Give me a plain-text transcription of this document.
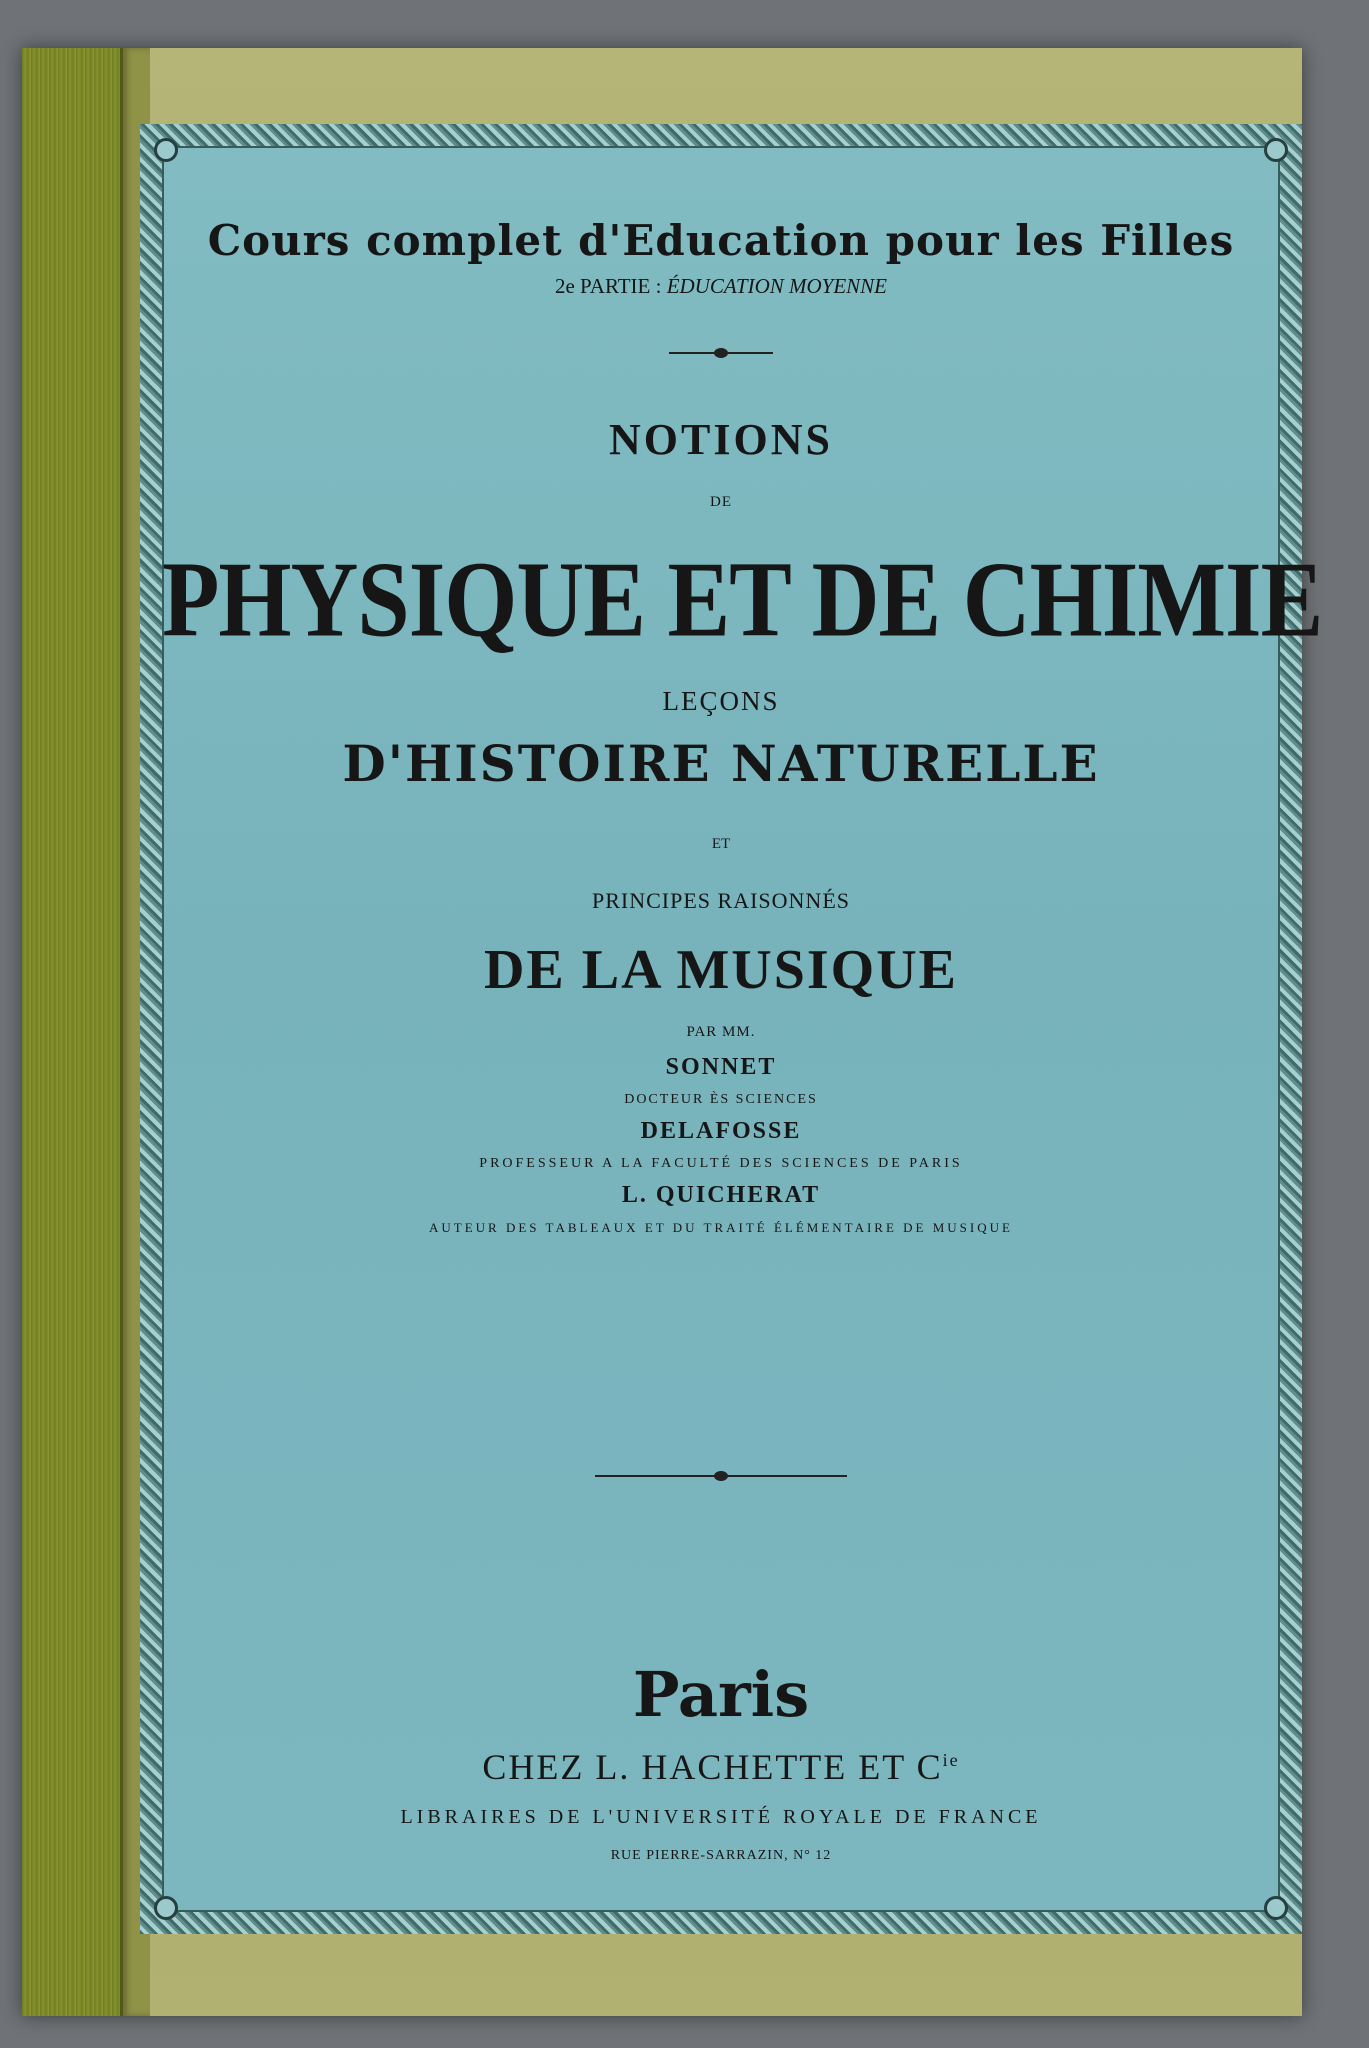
Cours complet d'Education pour les Filles
2e PARTIE : ÉDUCATION MOYENNE
NOTIONS
DE
PHYSIQUE ET DE CHIMIE
LEÇONS
D'HISTOIRE NATURELLE
ET
PRINCIPES RAISONNÉS
DE LA MUSIQUE
PAR MM.
SONNET
DOCTEUR ÈS SCIENCES
DELAFOSSE
PROFESSEUR A LA FACULTÉ DES SCIENCES DE PARIS
L. QUICHERAT
AUTEUR DES TABLEAUX ET DU TRAITÉ ÉLÉMENTAIRE DE MUSIQUE
Paris
CHEZ L. HACHETTE ET $C^{ie}$
LIBRAIRES DE L'UNIVERSITÉ ROYALE DE FRANCE
RUE PIERRE-SARRAZIN, N° 12
